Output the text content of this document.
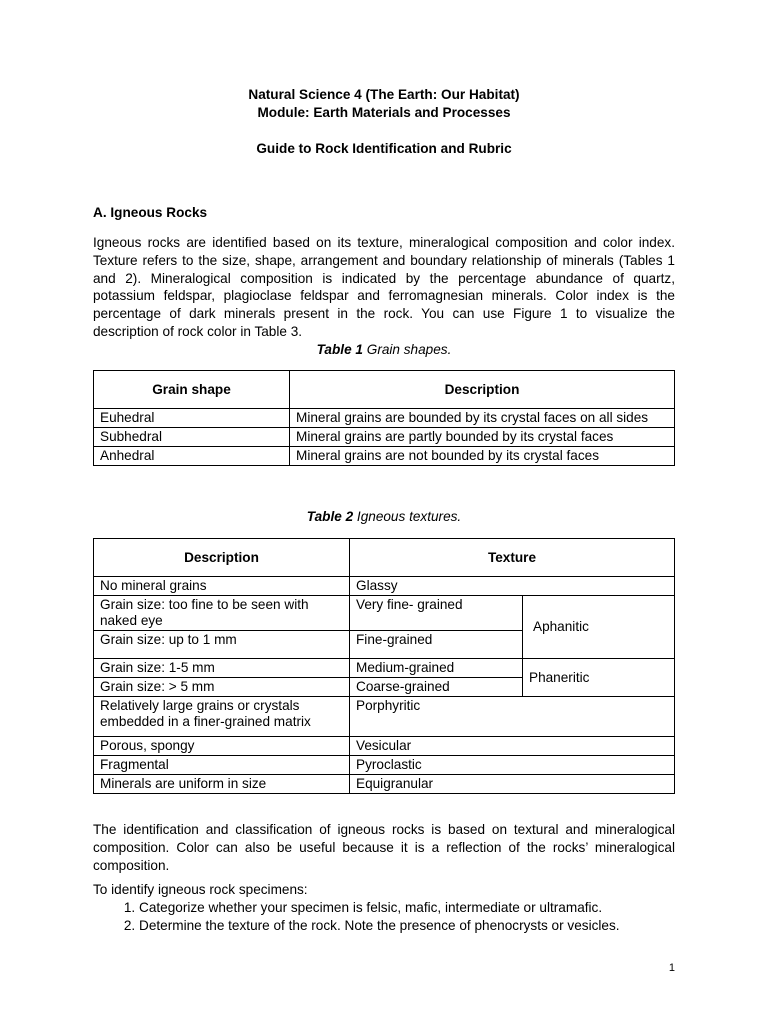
Natural Science 4 (The Earth: Our Habitat)
Module: Earth Materials and Processes
Guide to Rock Identification and Rubric
A. Igneous Rocks
Igneous rocks are identified based on its texture, mineralogical composition and color index. Texture refers to the size, shape, arrangement and boundary relationship of minerals (Tables 1 and 2). Mineralogical composition is indicated by the percentage abundance of quartz, potassium feldspar, plagioclase feldspar and ferromagnesian minerals. Color index is the percentage of dark minerals present in the rock. You can use Figure 1 to visualize the description of rock color in Table 3.
Table 1 Grain shapes.
Grain shape	Description
Euhedral	Mineral grains are bounded by its crystal faces on all sides
Subhedral	Mineral grains are partly bounded by its crystal faces
Anhedral	Mineral grains are not bounded by its crystal faces
Table 2 Igneous textures.
Description	Texture	
No mineral grains	Glassy	
Grain size: too fine to be seen with naked eye	Very fine- grained	Aphanitic
Grain size: up to 1 mm	Fine-grained	
Grain size: 1-5 mm	Medium-grained	Phaneritic
Grain size: > 5 mm	Coarse-grained	
Relatively large grains or crystals embedded in a finer-grained matrix	Porphyritic	
Porous, spongy	Vesicular	
Fragmental	Pyroclastic	
Minerals are uniform in size	Equigranular	
The identification and classification of igneous rocks is based on textural and mineralogical composition. Color can also be useful because it is a reflection of the rocks’ mineralogical composition.
To identify igneous rock specimens:
1. Categorize whether your specimen is felsic, mafic, intermediate or ultramafic.
2. Determine the texture of the rock. Note the presence of phenocrysts or vesicles.
1
